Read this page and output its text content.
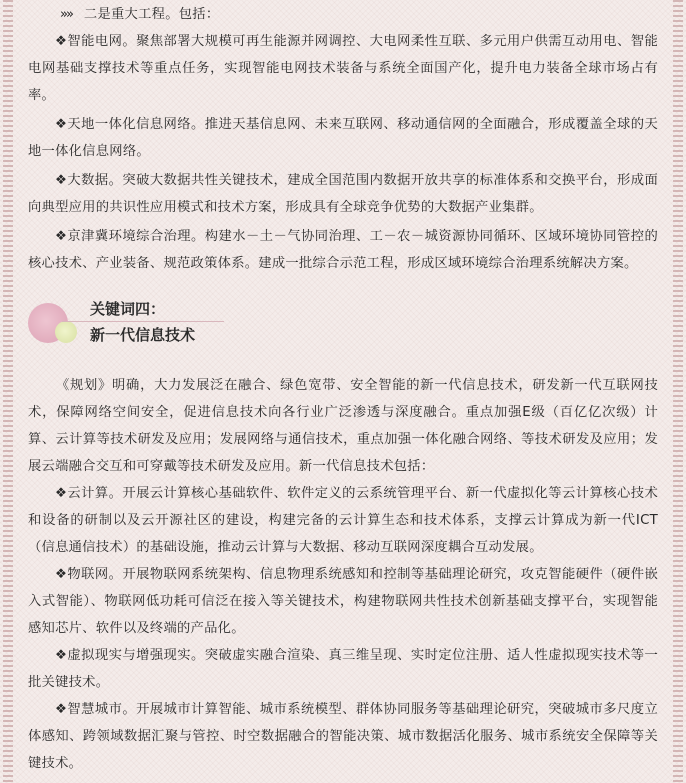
»» 二是重大工程。包括：

❖智能电网。聚焦部署大规模可再生能源并网调控、大电网柔性互联、多元用户供需互动用电、智能电网基础支撑技术等重点任务，实现智能电网技术装备与系统全面国产化，提升电力装备全球市场占有率。

❖天地一体化信息网络。推进天基信息网、未来互联网、移动通信网的全面融合，形成覆盖全球的天地一体化信息网络。

❖大数据。突破大数据共性关键技术，建成全国范围内数据开放共享的标准体系和交换平台，形成面向典型应用的共识性应用模式和技术方案，形成具有全球竞争优势的大数据产业集群。

❖京津冀环境综合治理。构建水－土－气协同治理、工－农－城资源协同循环、区域环境协同管控的核心技术、产业装备、规范政策体系。建成一批综合示范工程，形成区域环境综合治理系统解决方案。

关键词四：
新一代信息技术

《规划》明确，大力发展泛在融合、绿色宽带、安全智能的新一代信息技术，研发新一代互联网技术，保障网络空间安全，促进信息技术向各行业广泛渗透与深度融合。重点加强E级（百亿亿次级）计算、云计算等技术研发及应用；发展网络与通信技术，重点加强一体化融合网络、等技术研发及应用；发展云端融合交互和可穿戴等技术研发及应用。新一代信息技术包括：

❖云计算。开展云计算核心基础软件、软件定义的云系统管理平台、新一代虚拟化等云计算核心技术和设备的研制以及云开源社区的建设，构建完备的云计算生态和技术体系，支撑云计算成为新一代ICT（信息通信技术）的基础设施，推动云计算与大数据、移动互联网深度耦合互动发展。

❖物联网。开展物联网系统架构、信息物理系统感知和控制等基础理论研究，攻克智能硬件（硬件嵌入式智能）、物联网低功耗可信泛在接入等关键技术，构建物联网共性技术创新基础支撑平台，实现智能感知芯片、软件以及终端的产品化。

❖虚拟现实与增强现实。突破虚实融合渲染、真三维呈现、实时定位注册、适人性虚拟现实技术等一批关键技术。

❖智慧城市。开展城市计算智能、城市系统模型、群体协同服务等基础理论研究，突破城市多尺度立体感知、跨领域数据汇聚与管控、时空数据融合的智能决策、城市数据活化服务、城市系统安全保障等关键技术。
